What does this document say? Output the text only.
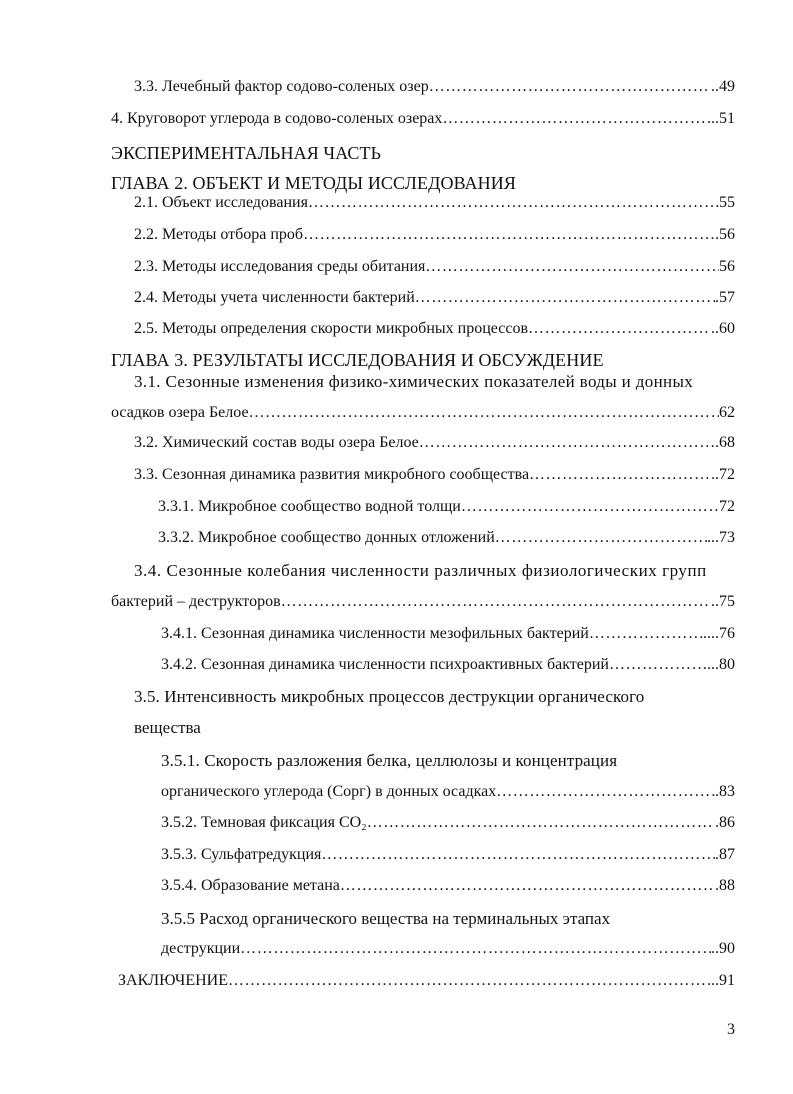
3.3. Лечебный фактор содово-соленых озер ……………………………………………………………………………………………………………………………………………………………………………………………………………………………………………………	..49
4. Круговорот углерода в содово-соленых озерах ……………………………………………………………………………………………………………………………………………………………………………………………………………………………………………………	..51
ЭКСПЕРИМЕНТАЛЬНАЯ ЧАСТЬ
ГЛАВА 2. ОБЪЕКТ И МЕТОДЫ ИССЛЕДОВАНИЯ
2.1. Объект исследования ……………………………………………………………………………………………………………………………………………………………………………………………………………………………………………………	55
2.2. Методы отбора проб ……………………………………………………………………………………………………………………………………………………………………………………………………………………………………………………	.56
2.3. Методы исследования среды обитания ……………………………………………………………………………………………………………………………………………………………………………………………………………………………………………………	56
2.4. Методы учета численности бактерий ……………………………………………………………………………………………………………………………………………………………………………………………………………………………………………………	.57
2.5. Методы определения скорости микробных процессов ……………………………………………………………………………………………………………………………………………………………………………………………………………………………………………………	..60
ГЛАВА 3. РЕЗУЛЬТАТЫ ИССЛЕДОВАНИЯ И ОБСУЖДЕНИЕ
3.1. Сезонные изменения физико-химических показателей воды и донных
осадков озера Белое ……………………………………………………………………………………………………………………………………………………………………………………………………………………………………………………	62
3.2. Химический состав воды озера Белое ……………………………………………………………………………………………………………………………………………………………………………………………………………………………………………………	.68
3.3. Сезонная динамика развития микробного сообщества ……………………………………………………………………………………………………………………………………………………………………………………………………………………………………………………	.72
3.3.1. Микробное сообщество водной толщи ……………………………………………………………………………………………………………………………………………………………………………………………………………………………………………………	72
3.3.2. Микробное сообщество донных отложений ……………………………………………………………………………………………………………………………………………………………………………………………………………………………………………………	...73
3.4. Сезонные колебания численности различных физиологических групп
бактерий – деструкторов ……………………………………………………………………………………………………………………………………………………………………………………………………………………………………………………	..75
3.4.1. Сезонная динамика численности мезофильных бактерий ……………………………………………………………………………………………………………………………………………………………………………………………………………………………………………………	....76
3.4.2. Сезонная динамика численности психроактивных бактерий ……………………………………………………………………………………………………………………………………………………………………………………………………………………………………………………	...80
3.5. Интенсивность микробных процессов деструкции органического
вещества
3.5.1. Скорость разложения белка, целлюлозы и концентрация
органического углерода (Сорг) в донных осадках ……………………………………………………………………………………………………………………………………………………………………………………………………………………………………………………	.83
3.5.2. Темновая фиксация СО₂ ……………………………………………………………………………………………………………………………………………………………………………………………………………………………………………………	.86
3.5.3. Сульфатредукция ……………………………………………………………………………………………………………………………………………………………………………………………………………………………………………………	.87
3.5.4. Образование метана ……………………………………………………………………………………………………………………………………………………………………………………………………………………………………………………	.88
3.5.5 Расход органического вещества на терминальных этапах
деструкции ……………………………………………………………………………………………………………………………………………………………………………………………………………………………………………………	..90
ЗАКЛЮЧЕНИЕ ……………………………………………………………………………………………………………………………………………………………………………………………………………………………………………………	..91
3
